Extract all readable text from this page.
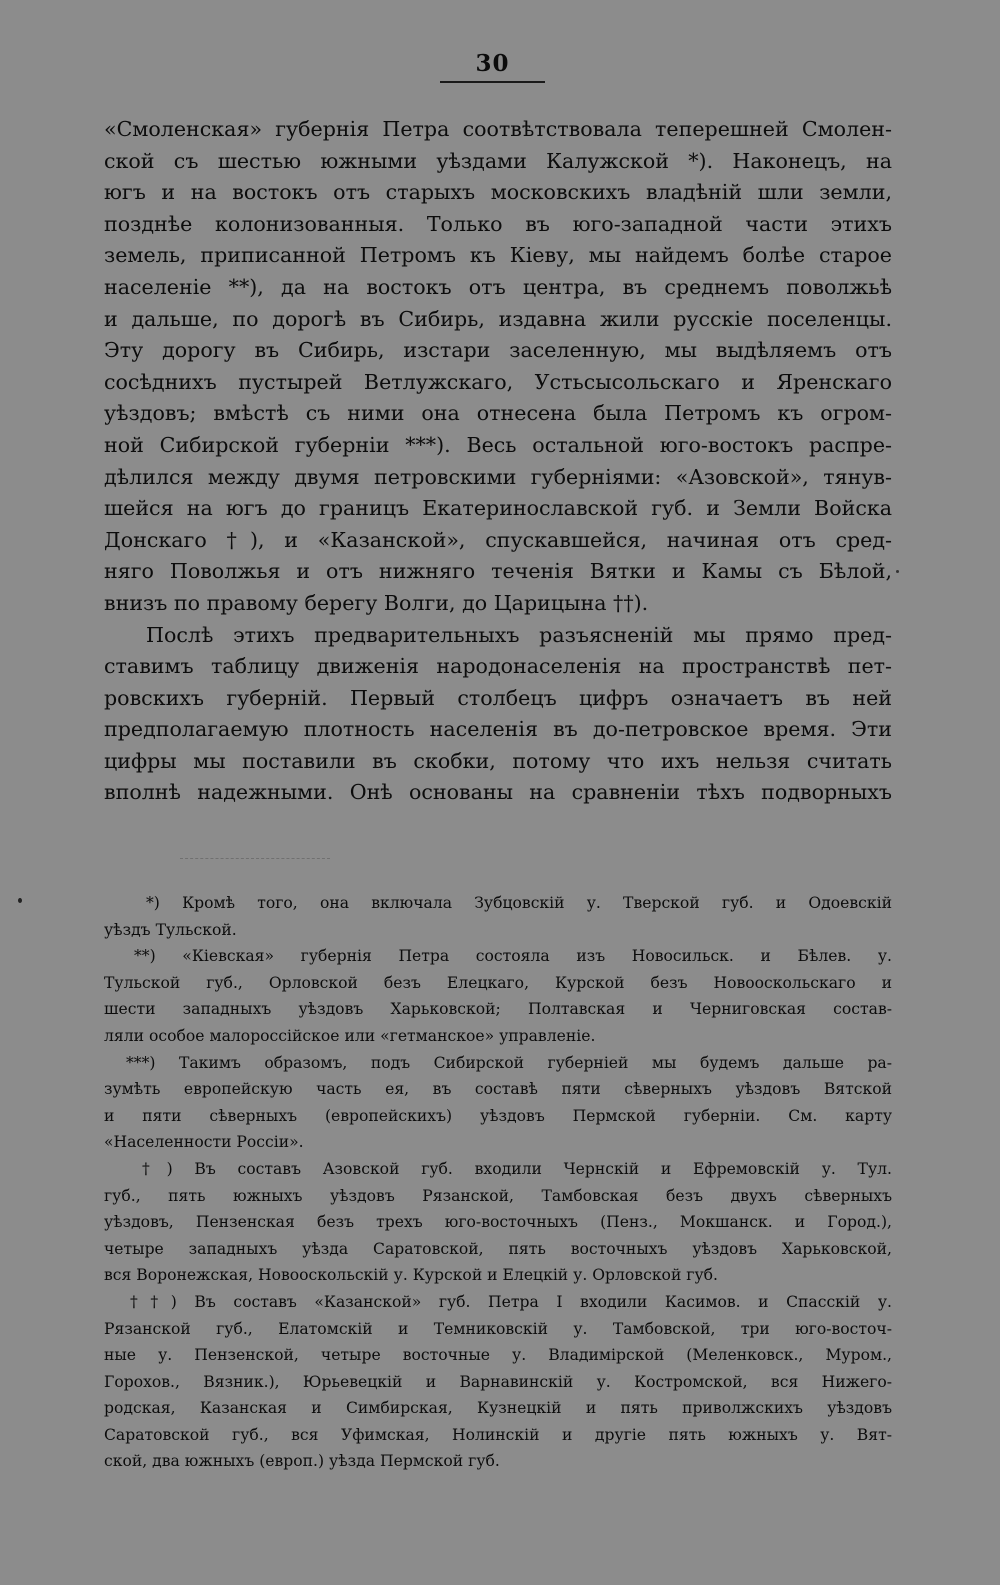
30
«Смоленская» губернія Петра соотвѣтствовала теперешней Смолен-
ской съ шестью южными уѣздами Калужской *). Наконецъ, на
югъ и на востокъ отъ старыхъ московскихъ владѣній шли земли,
позднѣе колонизованныя. Только въ юго-западной части этихъ
земель, приписанной Петромъ къ Кіеву, мы найдемъ болѣе старое
населеніе **), да на востокъ отъ центра, въ среднемъ поволжьѣ
и дальше, по дорогѣ въ Сибирь, издавна жили русскіе поселенцы.
Эту дорогу въ Сибирь, изстари заселенную, мы выдѣляемъ отъ
сосѣднихъ пустырей Ветлужскаго, Устьсысольскаго и Яренскаго
уѣздовъ; вмѣстѣ съ ними она отнесена была Петромъ къ огром-
ной Сибирской губерніи ***). Весь остальной юго-востокъ распре-
дѣлился между двумя петровскими губерніями: «Азовской», тянув-
шейся на югъ до границъ Екатеринославской губ. и Земли Войска
Донскаго †), и «Казанской», спускавшейся, начиная отъ сред-
няго Поволжья и отъ нижняго теченія Вятки и Камы съ Бѣлой,
внизъ по правому берегу Волги, до Царицына ††).
Послѣ этихъ предварительныхъ разъясненій мы прямо пред-
ставимъ таблицу движенія народонаселенія на пространствѣ пет-
ровскихъ губерній. Первый столбецъ цифръ означаетъ въ ней
предполагаемую плотность населенія въ до-петровское время. Эти
цифры мы поставили въ скобки, потому что ихъ нельзя считать
вполнѣ надежными. Онѣ основаны на сравненіи тѣхъ подворныхъ
*) Кромѣ того, она включала Зубцовскій у. Тверской губ. и Одоевскій
уѣздъ Тульской.
**) «Кіевская» губернія Петра состояла изъ Новосильск. и Бѣлев. у.
Тульской губ., Орловской безъ Елецкаго, Курской безъ Новооскольскаго и
шести западныхъ уѣздовъ Харьковской; Полтавская и Черниговская состав-
ляли особое малороссійское или «гетманское» управленіе.
***) Такимъ образомъ, подъ Сибирской губерніей мы будемъ дальше ра-
зумѣть европейскую часть ея, въ составѣ пяти сѣверныхъ уѣздовъ Вятской
и пяти сѣверныхъ (европейскихъ) уѣздовъ Пермской губерніи. См. карту
«Населенности Россіи».
†) Въ составъ Азовской губ. входили Чернскій и Ефремовскій у. Тул.
губ., пять южныхъ уѣздовъ Рязанской, Тамбовская безъ двухъ сѣверныхъ
уѣздовъ, Пензенская безъ трехъ юго-восточныхъ (Пенз., Мокшанск. и Город.),
четыре западныхъ уѣзда Саратовской, пять восточныхъ уѣздовъ Харьковской,
вся Воронежская, Новооскольскій у. Курской и Елецкій у. Орловской губ.
††) Въ составъ «Казанской» губ. Петра I входили Касимов. и Спасскій у.
Рязанской губ., Елатомскій и Темниковскій у. Тамбовской, три юго-восточ-
ные у. Пензенской, четыре восточные у. Владимірской (Меленковск., Муром.,
Горохов., Вязник.), Юрьевецкій и Варнавинскій у. Костромской, вся Нижего-
родская, Казанская и Симбирская, Кузнецкій и пять приволжскихъ уѣздовъ
Саратовской губ., вся Уфимская, Нолинскій и другіе пять южныхъ у. Вят-
ской, два южныхъ (европ.) уѣзда Пермской губ.
